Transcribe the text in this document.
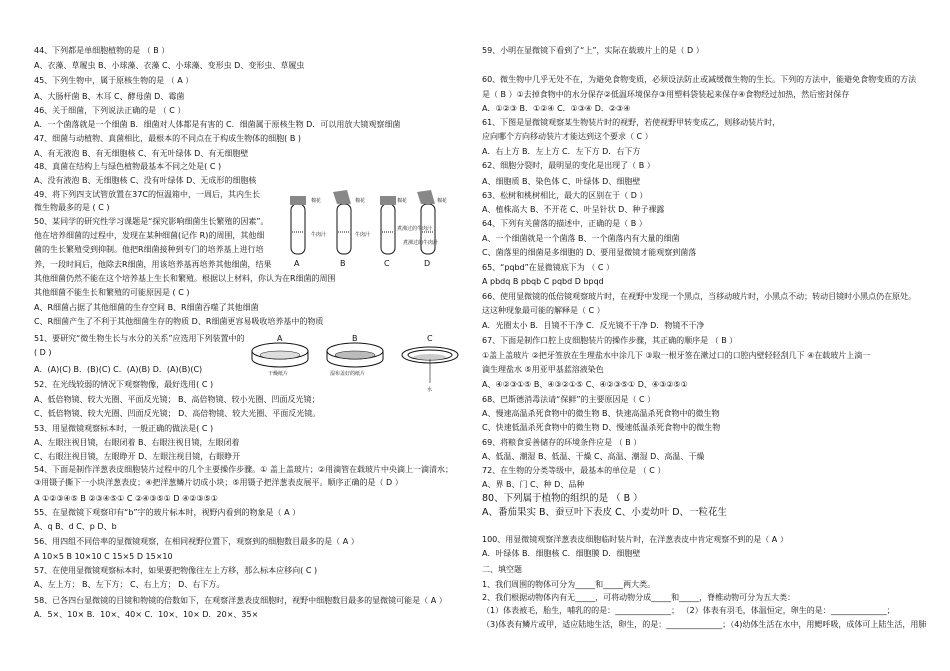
44、下列都是单细胞植物的是 （ B ）
A、衣藻、草履虫 B、小球藻、衣藻 C、小球藻、变形虫 D、变形虫、草履虫
45、下列生物中，属于原核生物的是 （ A ）
A、大肠杆菌 B、木耳 C、酵母菌 D、霉菌
46、关于细菌，下列说法正确的是 （ C ）
A．一个菌落就是一个细菌 B．细菌对人体都是有害的 C．细菌属于原核生物 D．可以用放大镜观察细菌
47、细菌与动植物、真菌相比，最根本的不同点在于构成生物体的细胞( B )
A、有无液泡 B、有无细胞核 C、有无叶绿体 D、有无细胞壁
48、真菌在结构上与绿色植物最基本不同之处是( C )
A、没有液泡 B、无细胞核 C、没有叶绿体 D、无成形的细胞核
49、将下列四支试管放置在37C的恒温箱中，一周后，其内生长
微生物最多的是 ( C )
50、某同学的研究性学习课题是“探究影响细菌生长繁殖的因素”。
他在培养细菌的过程中，发现在某种细菌(记作 R)的周围，其他细
菌的生长繁殖受到抑制。他把R细菌接种到专门的培养基上进行培
养，一段时间后，他除去R细菌，用该培养基再培养其他细菌，结果
其他细菌仍然不能在这个培养基上生长和繁殖。根据以上材料，你认为在R细菌的周围
其他细菌不能生长和繁殖的可能原因是 ( C )
A、R细菌占据了其他细菌的生存空间 B、R细菌吞噬了其他细菌
C、R细菌产生了不利于其他细菌生存的物质 D、R细菌更容易吸收培养基中的物质
51、要研究“微生物生长与水分的关系”应选用下列装置中的
( D )
A．(A)(C) B．(B)(C) C．(A)(B) D．(A)(B)(C)
52、在光线较弱的情况下观察物像，最好选用( C )
A、低倍物镜、较大光圈、平面反光镜； B、高倍物镜、较小光圈、凹面反光镜；
C、低倍物镜、较大光圈、凹面反光镜； D、高倍物镜、较大光圈、平面反光镜。
53、用显微镜观察标本时，一般正确的做法是( C )
A、左眼注视目镜，右眼闭着 B、右眼注视目镜，左眼闭着
C、右眼注视目镜，左眼睁开 D、左眼注视目镜，右眼睁开
54、下面是制作洋葱表皮细胞装片过程中的几个主要操作步骤。① 盖上盖玻片；②用滴管在载玻片中央滴上一滴清水；
③用镊子撕下一小块洋葱表皮；④把洋葱鳞片切成小块；⑤用镊子把洋葱表皮展平。顺序正确的是（ D ）
A ①②③④⑤ B ②③④⑤① C ②④③⑤① D ④②③⑤①
55、在显微镜下观察印有“b”字的玻片标本时，视野内看到的物象是（ A ）
A、q B、d C、p D、b
56、用四组不同倍率的显微镜观察，在相同视野位置下，观察到的细胞数目最多的是（ A ）
A 10×5 B 10×10 C 15×5 D 15×10
57、在使用显微镜观察标本时，如果要把物像往左上方移，那么标本应移向( C )
A、左上方； B、左下方； C、右上方； D、右下方。
58、已各四台显微镜的目镜和物镜的倍数如下，在观察洋葱表皮细胞时，视野中细胞数目最多的显微镜可能是（ A ）
A．5×、10× B．10×、40× C．10×、10× D．20×、35×
59、小明在显微镜下看到了“上”，实际在载玻片上的是（ D ）
60、微生物中几乎无处不在，为避免食物变质，必须设法防止或减缓微生物的生长。下列的方法中，能避免食物变质的方法
是（ B ）①去掉食物中的水分保存②低温环境保存③用塑料袋装起来保存④食物经过加热，然后密封保存
A．①②③ B．①②④ C．①③④ D．②③④
61、下图是显微镜观察某生物装片时的视野，若使视野甲转变成乙，则移动装片时，
应向哪个方向移动装片才能达到这个要求（ C ）
A．右上方 B．左上方 C．左下方 D．右下方
62、细胞分裂时，最明显的变化是出现了（ B ）
A、细胞质 B、染色体 C、叶绿体 D、细胞壁
63、松树和桃树相比，最大的区别在于（ D ）
A、植株高大 B、不开花 C、叶呈针状 D、种子裸露
64、下列有关菌落的描述中，正确的是（ B ）
A、一个细菌就是一个菌落 B、一个菌落内有大量的细菌
C、菌落里的细菌是多细胞的 D、要用显微镜才能观察到菌落
65、“pqbd”在显微镜底下为 （ C ）
A pbdq B pbqb C pqbd D bpqd
66、使用显微镜的低倍镜观察玻片时，在视野中发现一个黑点，当移动玻片时，小黑点不动；转动目镜时小黑点仍在原处。
这这种现象最可能的解释是（ C ）
A．光圈太小 B．目镜不干净 C．反光镜不干净 D．物镜不干净
67、下面是制作口腔上皮细胞装片的操作步骤，其正确的顺序是 （ B ）
①盖上盖玻片 ②把牙签放在生理盐水中涂几下 ③取一根牙签在漱过口的口腔内壁轻轻刮几下 ④在载玻片上滴一
滴生理盐水 ⑤用亚甲基蓝溶液染色
A、④②③①⑤ B、④③②①⑤ C、④②③⑤① D、④③②⑤①
68、巴斯德消毒法请“保鲜”的主要原因是（ C ）
A、慢速高温杀死食物中的微生物 B、快速高温杀死食物中的微生物
C、快速低温杀死食物中的微生物 D、慢速低温杀死食物中的微生物
69、将粮食妥善储存的环境条件应是 （ B ）
A、低温、潮湿 B、低温、干燥 C、高温、潮湿 D、高温、干燥
72、在生物的分类等级中，最基本的单位是 （ C ）
A、界 B、门 C、种 D、品种
80、下列属于植物的组织的是 （ B ）
A、番茄果实 B、蚕豆叶下表皮 C、小麦幼叶 D、一粒花生
100、用显微镜观察洋葱表皮细胞临时装片时，在洋葱表皮中肯定观察不到的是（ A ）
A．叶绿体 B．细胞核 C．细胞膜 D．细胞壁
二、填空题
1、我们周围的物体可分为_____和_____两大类。
2、我们根据动物体内有无_____，可将动物分成_____和_____，脊椎动物可分为五大类：
（1）体表被毛，胎生，哺乳的的是：______________； （2）体表有羽毛，体温恒定，卵生的是：______________；
（3)体表有鳞片或甲，适应陆地生活，卵生，的是：______________；（4)幼体生活在水中，用鳃呼吸，成体可上陆生活，用肺
棉花
牛肉汁
A
棉花
牛肉汁
B
棉花
煮沸过的牛肉汁
C
棉花
煮沸过的牛肉汁
D
A
干燥纸片
B
湿布盖好的纸片
C
水
